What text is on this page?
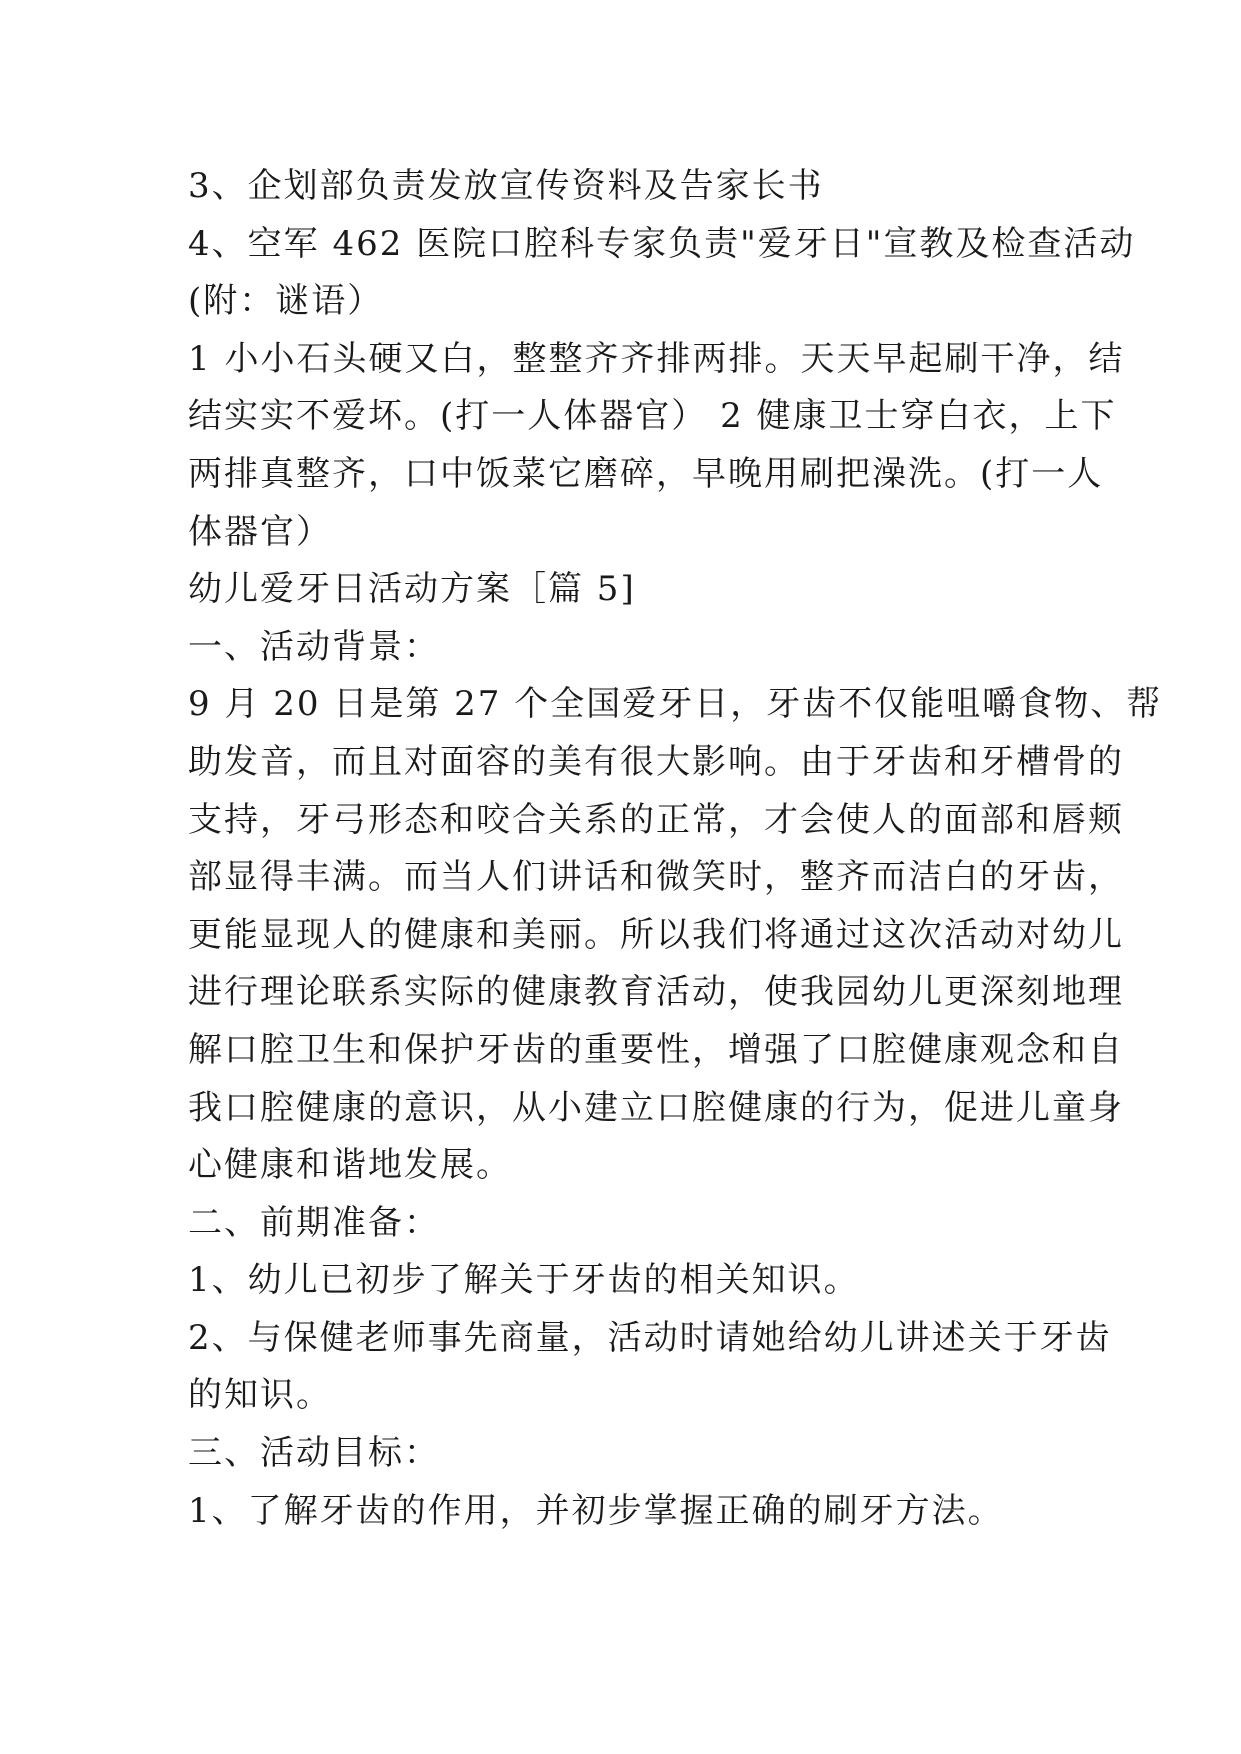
3、企划部负责发放宣传资料及告家长书

4、空军 462 医院口腔科专家负责"爱牙日"宣教及检查活动

(附：谜语）

1 小小石头硬又白，整整齐齐排两排。天天早起刷干净，结

结实实不爱坏。(打一人体器官） 2 健康卫士穿白衣，上下

两排真整齐，口中饭菜它磨碎，早晚用刷把澡洗。(打一人

体器官）

幼儿爱牙日活动方案［篇 5]

一、活动背景：

9 月 20 日是第 27 个全国爱牙日，牙齿不仅能咀嚼食物、帮

助发音，而且对面容的美有很大影响。由于牙齿和牙槽骨的

支持，牙弓形态和咬合关系的正常，才会使人的面部和唇颊

部显得丰满。而当人们讲话和微笑时，整齐而洁白的牙齿，

更能显现人的健康和美丽。所以我们将通过这次活动对幼儿

进行理论联系实际的健康教育活动，使我园幼儿更深刻地理

解口腔卫生和保护牙齿的重要性，增强了口腔健康观念和自

我口腔健康的意识，从小建立口腔健康的行为，促进儿童身

心健康和谐地发展。

二、前期准备：

1、幼儿已初步了解关于牙齿的相关知识。

2、与保健老师事先商量，活动时请她给幼儿讲述关于牙齿

的知识。

三、活动目标：

1、了解牙齿的作用，并初步掌握正确的刷牙方法。
